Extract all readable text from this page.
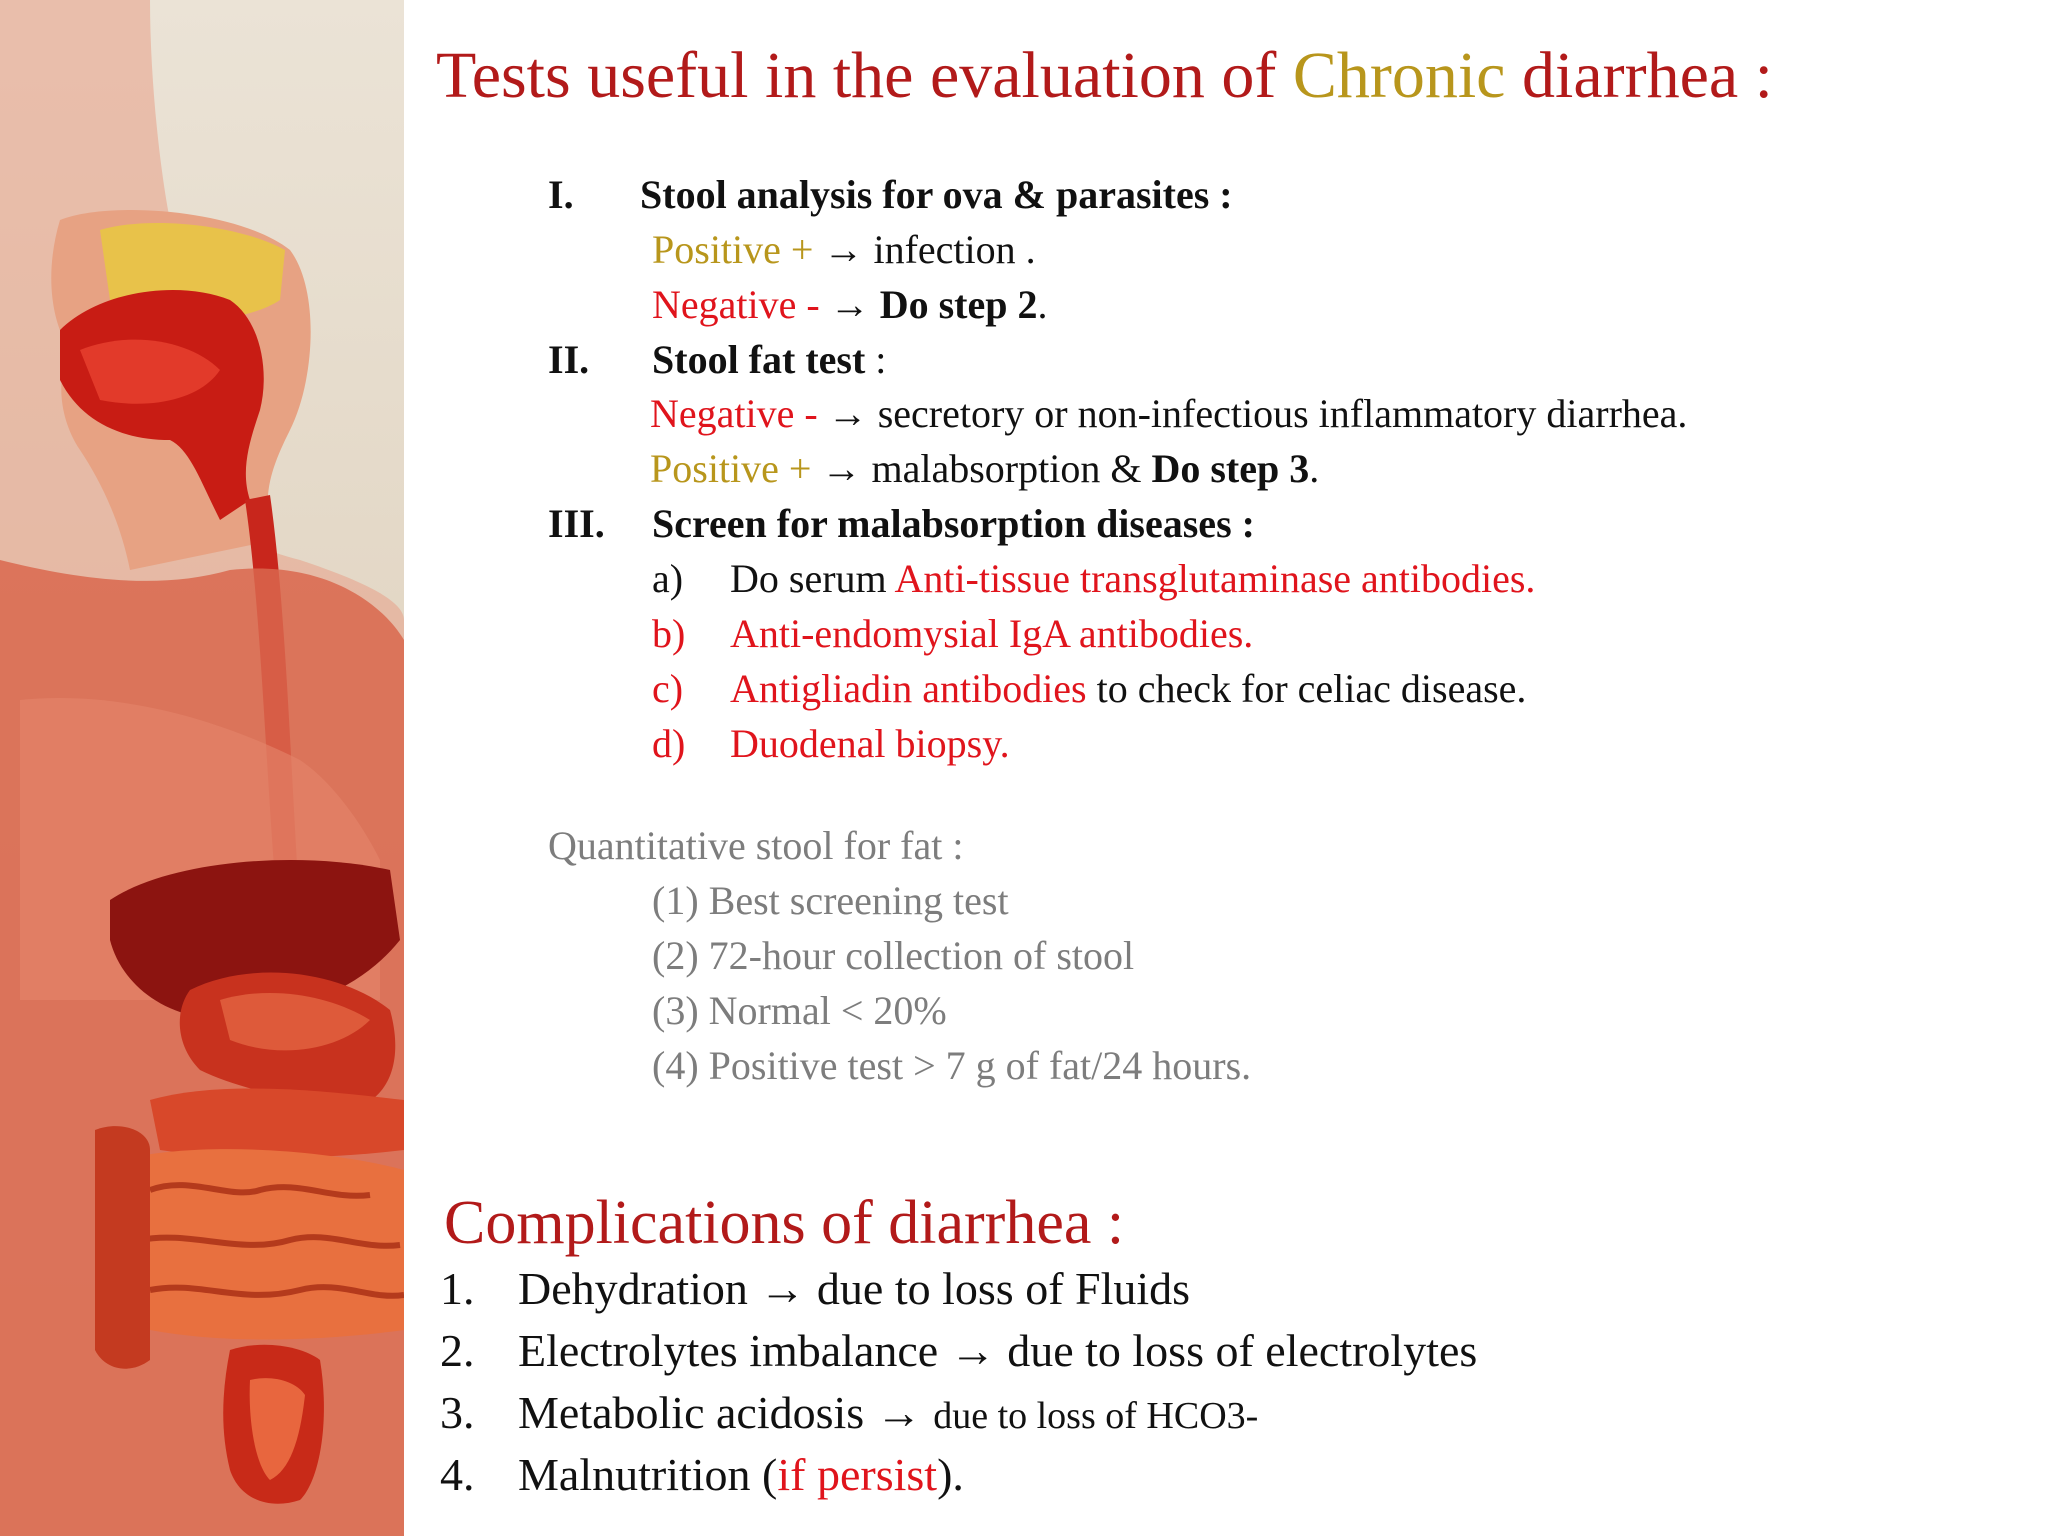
Tests useful in the evaluation of Chronic diarrhea :
I. Stool analysis for ova & parasites :
Positive + → infection .
Negative - → Do step 2.
II. Stool fat test :
Negative - → secretory or non-infectious inflammatory diarrhea.
Positive + → malabsorption & Do step 3.
III. Screen for malabsorption diseases :
a) Do serum Anti-tissue transglutaminase antibodies.
b) Anti-endomysial IgA antibodies.
c) Antigliadin antibodies to check for celiac disease.
d) Duodenal biopsy.
Quantitative stool for fat :
(1) Best screening test
(2) 72-hour collection of stool
(3) Normal < 20%
(4) Positive test > 7 g of fat/24 hours.
Complications of diarrhea :
1. Dehydration → due to loss of Fluids
2. Electrolytes imbalance → due to loss of electrolytes
3. Metabolic acidosis → due to loss of HCO3-
4. Malnutrition (if persist).
